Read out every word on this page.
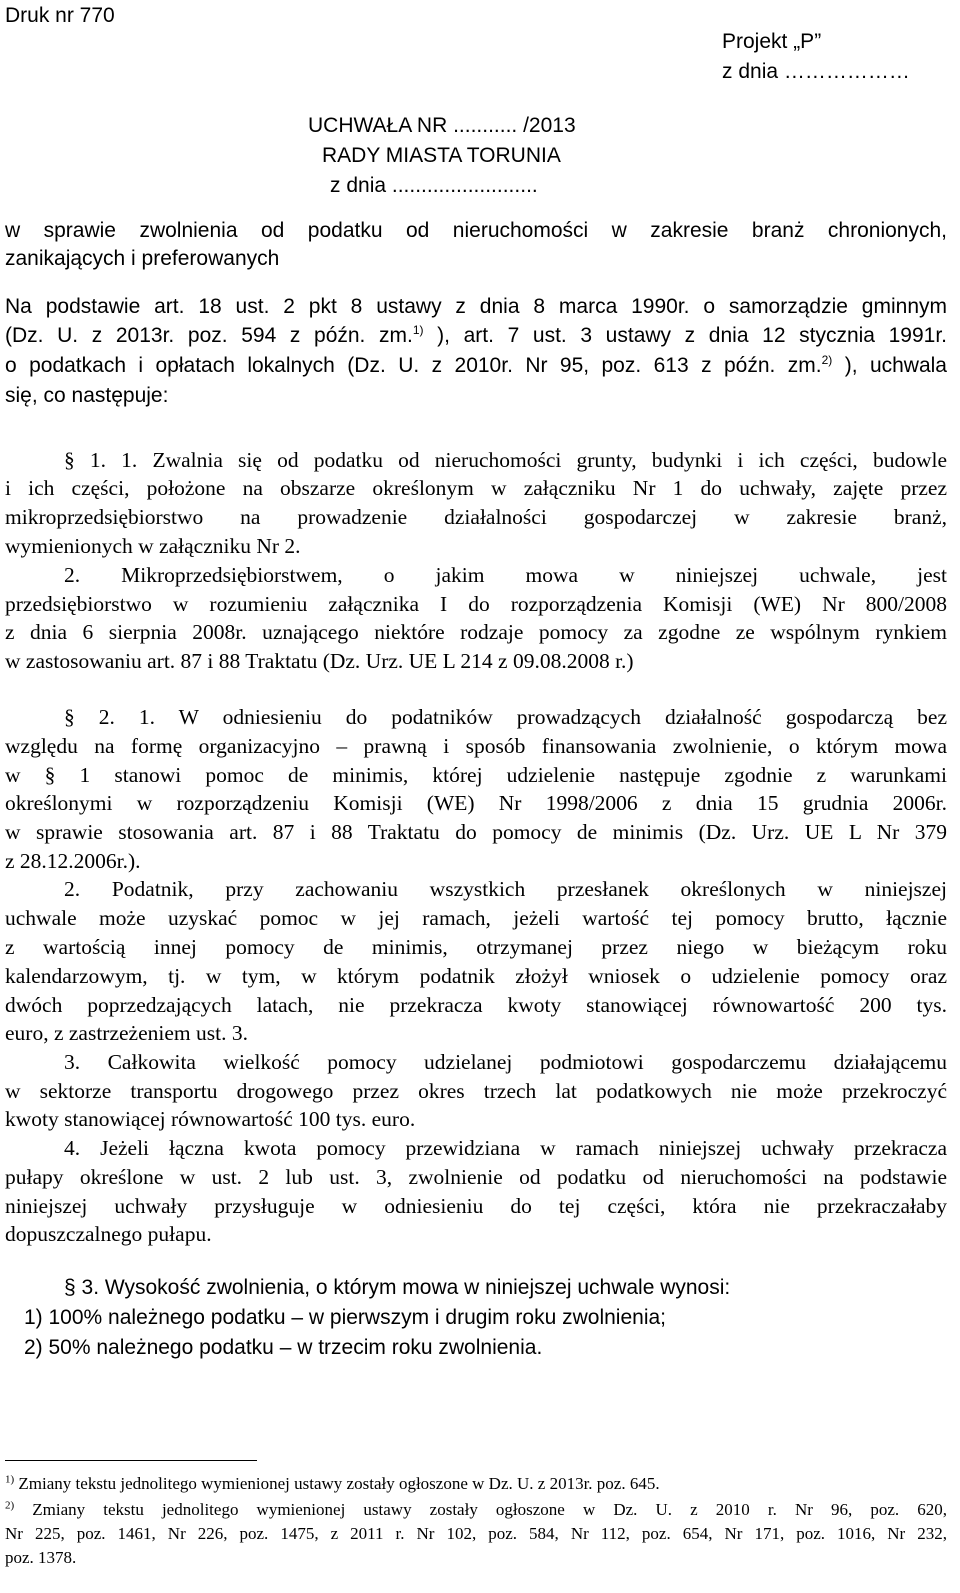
Druk nr 770
Projekt „P”
z dnia ………………
UCHWAŁA NR ........... /2013
RADY MIASTA TORUNIA
z dnia .........................
w sprawie zwolnienia od podatku od nieruchomości w zakresie branż chronionych,
zanikających i preferowanych
Na podstawie art. 18 ust. 2 pkt 8 ustawy z dnia 8 marca 1990r. o samorządzie gminnym
(Dz. U. z 2013r. poz. 594 z późn. zm.$^{1)}$ ), art. 7 ust. 3 ustawy z dnia 12 stycznia 1991r.
o podatkach i opłatach lokalnych (Dz. U. z 2010r. Nr 95, poz. 613 z późn. zm.$^{2)}$ ), uchwala
się, co następuje:
§ 1. 1. Zwalnia się od podatku od nieruchomości grunty, budynki i ich części, budowle
i ich części, położone na obszarze określonym w załączniku Nr 1 do uchwały, zajęte przez
mikroprzedsiębiorstwo na prowadzenie działalności gospodarczej w zakresie branż,
wymienionych w załączniku Nr 2.
2. Mikroprzedsiębiorstwem, o jakim mowa w niniejszej uchwale, jest
przedsiębiorstwo w rozumieniu załącznika I do rozporządzenia Komisji (WE) Nr 800/2008
z dnia 6 sierpnia 2008r. uznającego niektóre rodzaje pomocy za zgodne ze wspólnym rynkiem
w zastosowaniu art. 87 i 88 Traktatu (Dz. Urz. UE L 214 z 09.08.2008 r.)
§ 2. 1. W odniesieniu do podatników prowadzących działalność gospodarczą bez
względu na formę organizacyjno – prawną i sposób finansowania zwolnienie, o którym mowa
w § 1 stanowi pomoc de minimis, której udzielenie następuje zgodnie z warunkami
określonymi w rozporządzeniu Komisji (WE) Nr 1998/2006 z dnia 15 grudnia 2006r.
w sprawie stosowania art. 87 i 88 Traktatu do pomocy de minimis (Dz. Urz. UE L Nr 379
z 28.12.2006r.).
2. Podatnik, przy zachowaniu wszystkich przesłanek określonych w niniejszej
uchwale może uzyskać pomoc w jej ramach, jeżeli wartość tej pomocy brutto, łącznie
z wartością innej pomocy de minimis, otrzymanej przez niego w bieżącym roku
kalendarzowym, tj. w tym, w którym podatnik złożył wniosek o udzielenie pomocy oraz
dwóch poprzedzających latach, nie przekracza kwoty stanowiącej równowartość 200 tys.
euro, z zastrzeżeniem ust. 3.
3. Całkowita wielkość pomocy udzielanej podmiotowi gospodarczemu działającemu
w sektorze transportu drogowego przez okres trzech lat podatkowych nie może przekroczyć
kwoty stanowiącej równowartość 100 tys. euro.
4. Jeżeli łączna kwota pomocy przewidziana w ramach niniejszej uchwały przekracza
pułapy określone w ust. 2 lub ust. 3, zwolnienie od podatku od nieruchomości na podstawie
niniejszej uchwały przysługuje w odniesieniu do tej części, która nie przekraczałaby
dopuszczalnego pułapu.
§ 3. Wysokość zwolnienia, o którym mowa w niniejszej uchwale wynosi:
1) 100% należnego podatku – w pierwszym i drugim roku zwolnienia;
2) 50% należnego podatku – w trzecim roku zwolnienia.
$^{1)}$ Zmiany tekstu jednolitego wymienionej ustawy zostały ogłoszone w Dz. U. z 2013r. poz. 645.
$^{2)}$ Zmiany tekstu jednolitego wymienionej ustawy zostały ogłoszone w Dz. U. z 2010 r. Nr 96, poz. 620,
Nr 225, poz. 1461, Nr 226, poz. 1475, z 2011 r. Nr 102, poz. 584, Nr 112, poz. 654, Nr 171, poz. 1016, Nr 232,
poz. 1378.
